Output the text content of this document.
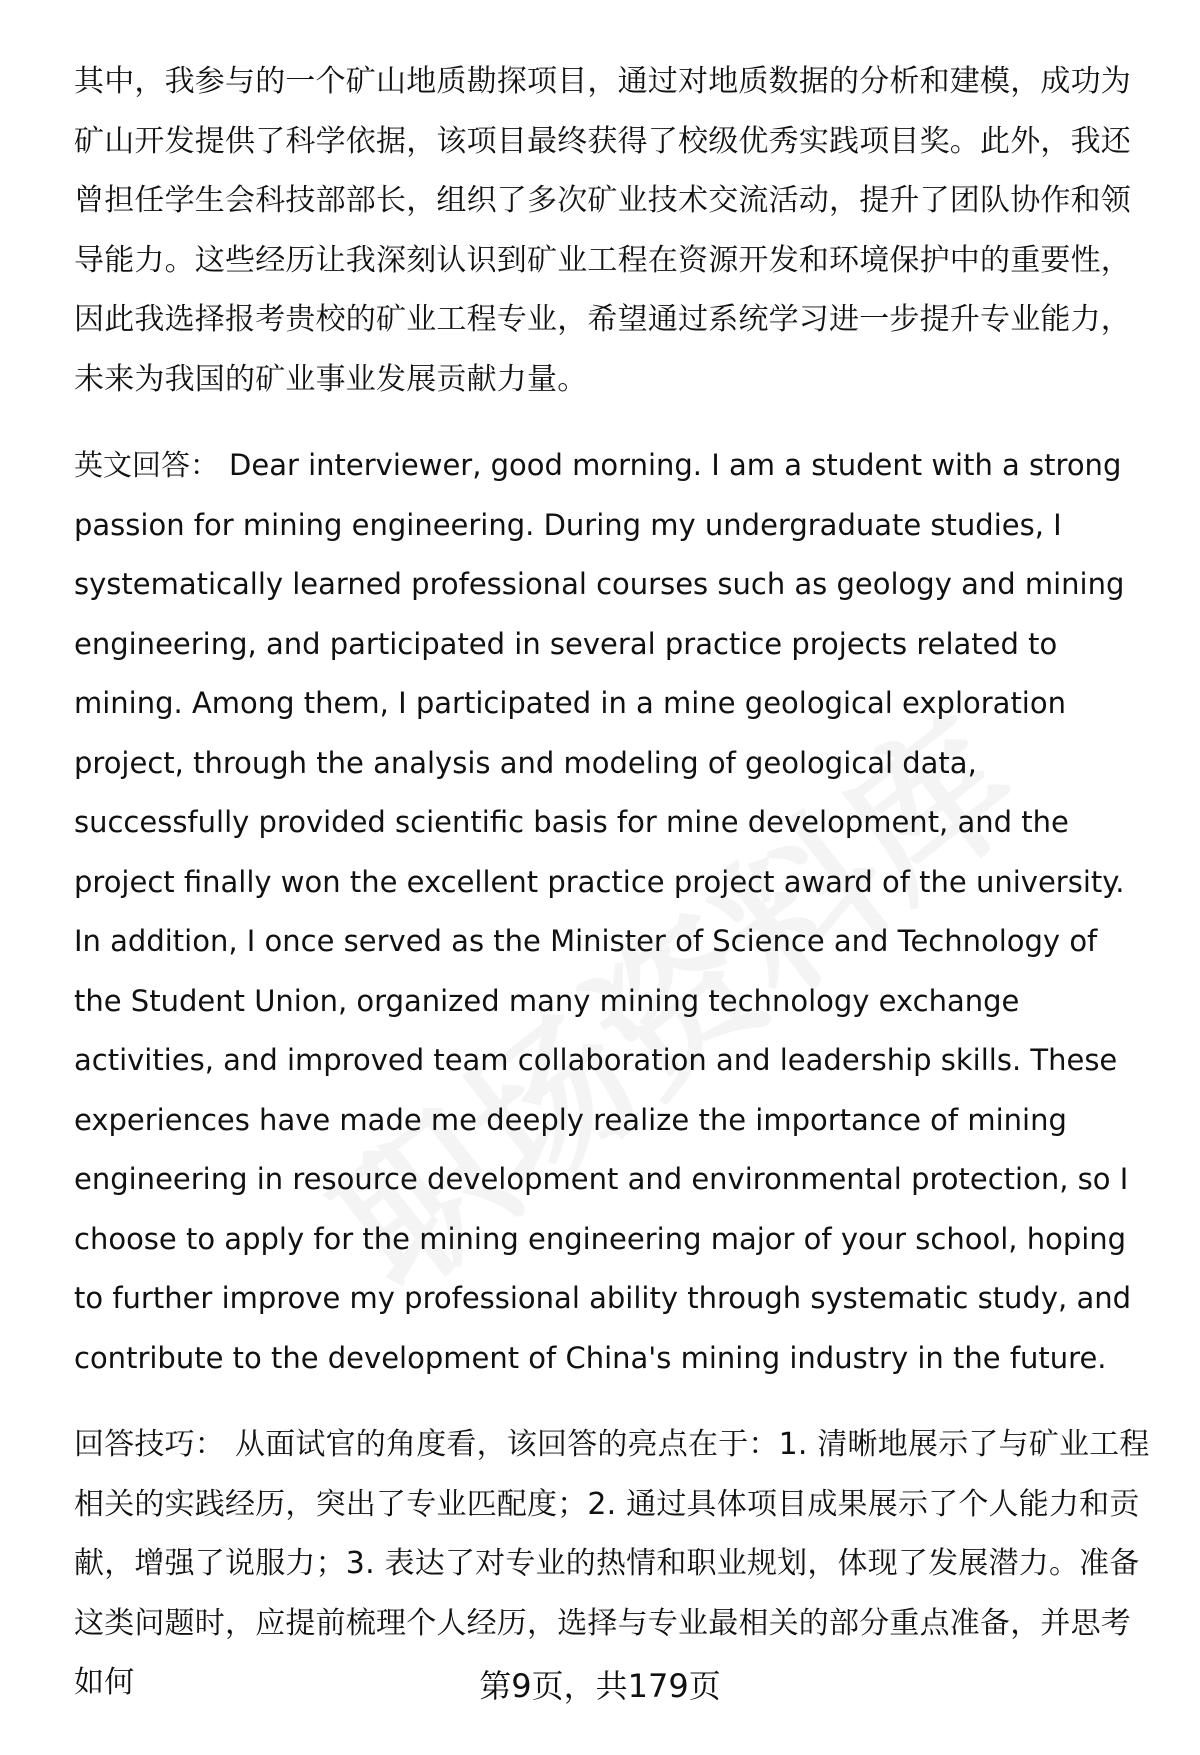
其中，我参与的一个矿山地质勘探项目，通过对地质数据的分析和建模，成功为矿山开发提供了科学依据，该项目最终获得了校级优秀实践项目奖。此外，我还曾担任学生会科技部部长，组织了多次矿业技术交流活动，提升了团队协作和领导能力。这些经历让我深刻认识到矿业工程在资源开发和环境保护中的重要性，因此我选择报考贵校的矿业工程专业，希望通过系统学习进一步提升专业能力，未来为我国的矿业事业发展贡献力量。

英文回答： Dear interviewer, good morning. I am a student with a strong passion for mining engineering. During my undergraduate studies, I systematically learned professional courses such as geology and mining engineering, and participated in several practice projects related to mining. Among them, I participated in a mine geological exploration project, through the analysis and modeling of geological data, successfully provided scientific basis for mine development, and the project finally won the excellent practice project award of the university. In addition, I once served as the Minister of Science and Technology of the Student Union, organized many mining technology exchange activities, and improved team collaboration and leadership skills. These experiences have made me deeply realize the importance of mining engineering in resource development and environmental protection, so I choose to apply for the mining engineering major of your school, hoping to further improve my professional ability through systematic study, and contribute to the development of China's mining industry in the future.

回答技巧： 从面试官的角度看，该回答的亮点在于：1. 清晰地展示了与矿业工程相关的实践经历，突出了专业匹配度；2. 通过具体项目成果展示了个人能力和贡献，增强了说服力；3. 表达了对专业的热情和职业规划，体现了发展潜力。准备这类问题时，应提前梳理个人经历，选择与专业最相关的部分重点准备，并思考如何	第9页，共179页
